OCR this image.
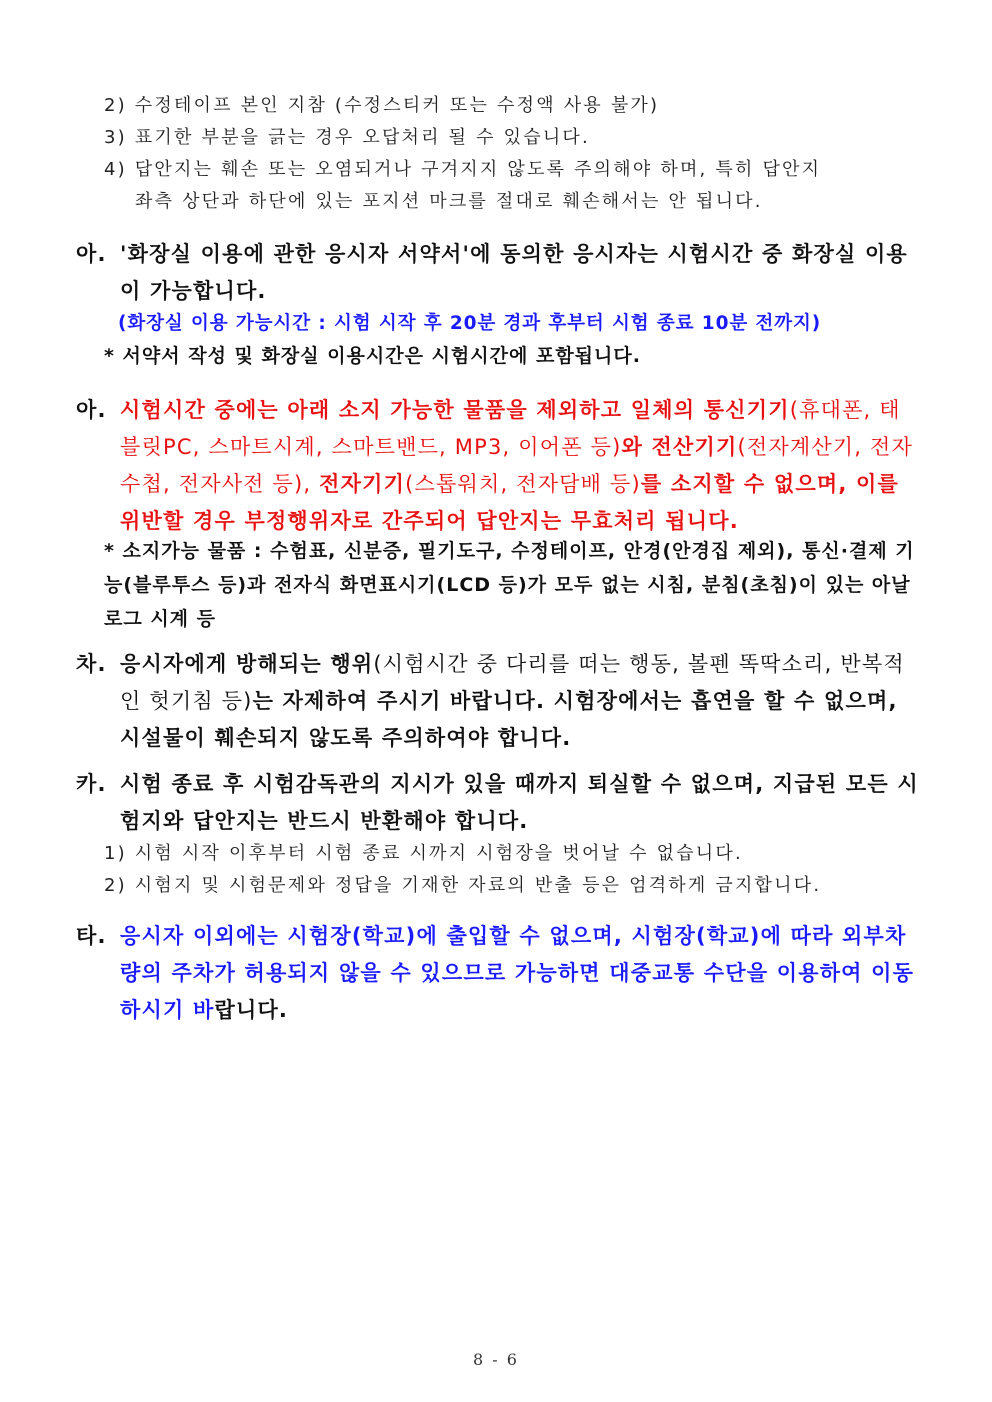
2) 수정테이프 본인 지참 (수정스티커 또는 수정액 사용 불가)
3) 표기한 부분을 긁는 경우 오답처리 될 수 있습니다.
4) 답안지는 훼손 또는 오염되거나 구겨지지 않도록 주의해야 하며, 특히 답안지
좌측 상단과 하단에 있는 포지션 마크를 절대로 훼손해서는 안 됩니다.
아. '화장실 이용에 관한 응시자 서약서'에 동의한 응시자는 시험시간 중 화장실 이용이 가능합니다.
(화장실 이용 가능시간 : 시험 시작 후 20분 경과 후부터 시험 종료 10분 전까지)
* 서약서 작성 및 화장실 이용시간은 시험시간에 포함됩니다.
아. 시험시간 중에는 아래 소지 가능한 물품을 제외하고 일체의 통신기기(휴대폰, 태블릿PC, 스마트시계, 스마트밴드, MP3, 이어폰 등)와 전산기기(전자계산기, 전자수첩, 전자사전 등), 전자기기(스톱워치, 전자담배 등)를 소지할 수 없으며, 이를 위반할 경우 부정행위자로 간주되어 답안지는 무효처리 됩니다.
* 소지가능 물품 : 수험표, 신분증, 필기도구, 수정테이프, 안경(안경집 제외), 통신·결제 기능(블루투스 등)과 전자식 화면표시기(LCD 등)가 모두 없는 시침, 분침(초침)이 있는 아날로그 시계 등
차. 응시자에게 방해되는 행위(시험시간 중 다리를 떠는 행동, 볼펜 똑딱소리, 반복적인 헛기침 등)는 자제하여 주시기 바랍니다. 시험장에서는 흡연을 할 수 없으며, 시설물이 훼손되지 않도록 주의하여야 합니다.
카. 시험 종료 후 시험감독관의 지시가 있을 때까지 퇴실할 수 없으며, 지급된 모든 시험지와 답안지는 반드시 반환해야 합니다.
1) 시험 시작 이후부터 시험 종료 시까지 시험장을 벗어날 수 없습니다.
2) 시험지 및 시험문제와 정답을 기재한 자료의 반출 등은 엄격하게 금지합니다.
타. 응시자 이외에는 시험장(학교)에 출입할 수 없으며, 시험장(학교)에 따라 외부차량의 주차가 허용되지 않을 수 있으므로 가능하면 대중교통 수단을 이용하여 이동하시기 바랍니다.
8 - 6
